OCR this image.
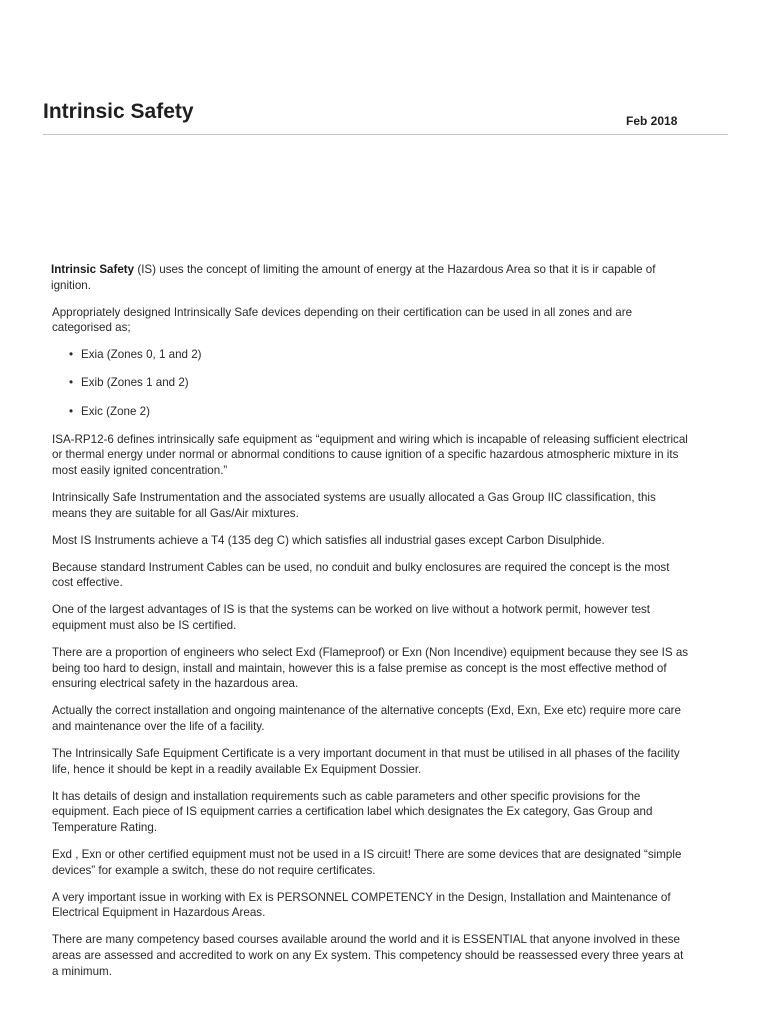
Intrinsic Safety	Feb 2018

Intrinsic Safety (IS) uses the concept of limiting the amount of energy at the Hazardous Area so that it is i‌r capable of ignition.

Appropriately designed Intrinsically Safe devices depending on their certification can be used in all zones and are categorised as;

• Exia (Zones 0, 1 and 2)
• Exib (Zones 1 and 2)
• Exic (Zone 2)

ISA-RP12-6 defines intrinsically safe equipment as “equipment and wiring which is incapable of releasing sufficient electrical or thermal energy under normal or abnormal conditions to cause ignition of a specific hazardous atmospheric mixture in its most easily ignited concentration.”

Intrinsically Safe Instrumentation and the associated systems are usually allocated a Gas Group IIC classification, this means they are suitable for all Gas/Air mixtures.

Most IS Instruments achieve a T4 (135 deg C) which satisfies all industrial gases except Carbon Disulphide.

Because standard Instrument Cables can be used, no conduit and bulky enclosures are required the concept is the most cost effective.

One of the largest advantages of IS is that the systems can be worked on live without a hotwork permit, however test equipment must also be IS certified.

There are a proportion of engineers who select Exd (Flameproof) or Exn (Non Incendive) equipment because they see IS as being too hard to design, install and maintain, however this is a false premise as concept is the most effective method of ensuring electrical safety in the hazardous area.

Actually the correct installation and ongoing maintenance of the alternative concepts (Exd, Exn, Exe etc) require more care and maintenance over the life of a facility.

The Intrinsically Safe Equipment Certificate is a very important document in that must be utilised in all phases of the facility life, hence it should be kept in a readily available Ex Equipment Dossier.

It has details of design and installation requirements such as cable parameters and other specific provisions for the equipment. Each piece of IS equipment carries a certification label which designates the Ex category, Gas Group and Temperature Rating.

Exd , Exn or other certified equipment must not be used in a IS circuit! There are some devices that are designated “simple devices” for example a switch, these do not require certificates.

A very important issue in working with Ex is PERSONNEL COMPETENCY in the Design, Installation and Maintenance of Electrical Equipment in Hazardous Areas.

There are many competency based courses available around the world and it is ESSENTIAL that anyone involved in these areas are assessed and accredited to work on any Ex system. This competency should be reassessed every three years at a minimum.
